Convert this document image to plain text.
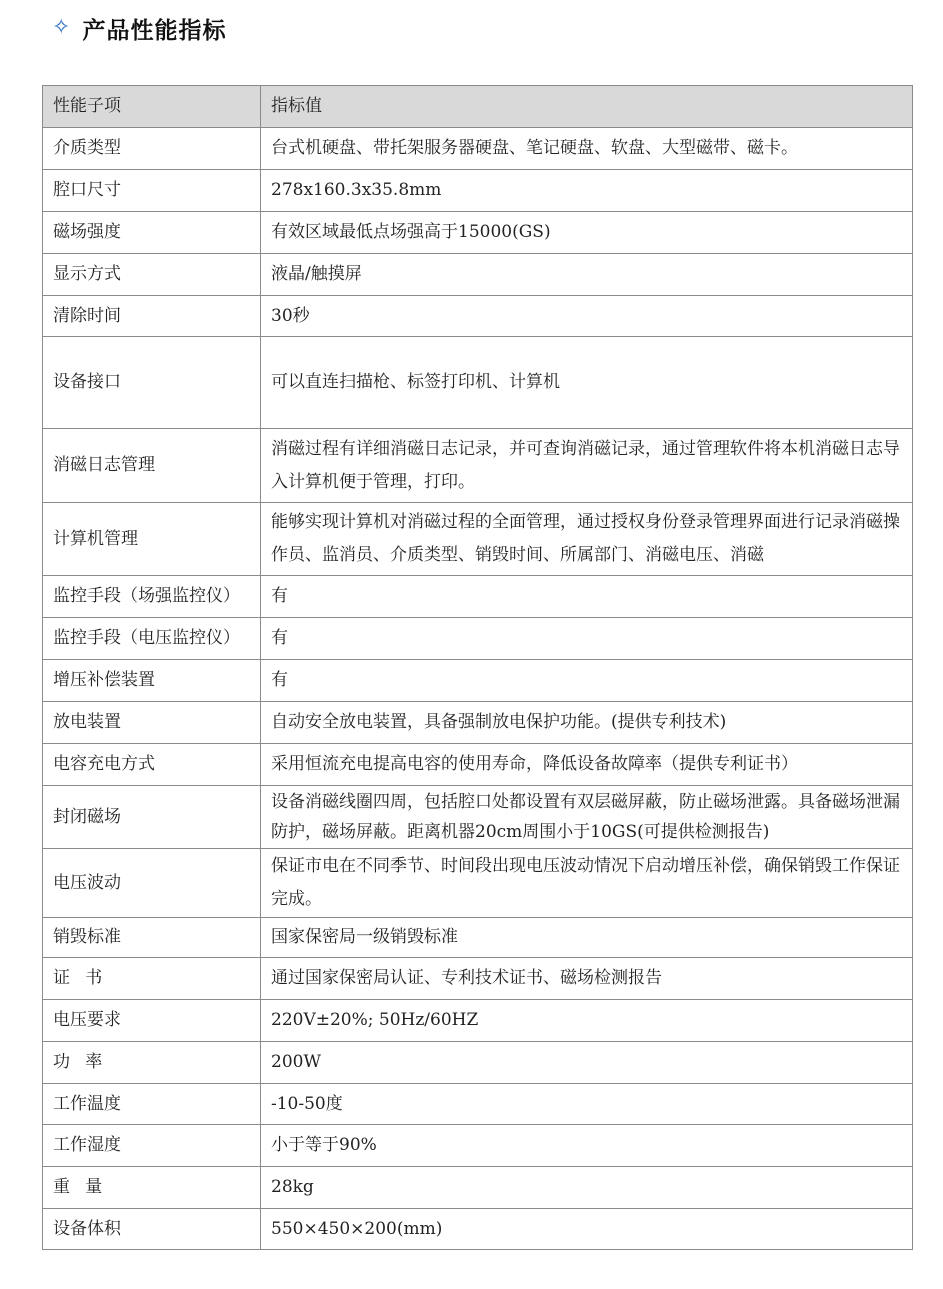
✧ 产品性能指标
性能子项	指标值
介质类型	台式机硬盘、带托架服务器硬盘、笔记硬盘、软盘、大型磁带、磁卡。
腔口尺寸	278x160.3x35.8mm
磁场强度	有效区域最低点场强高于15000(GS)
显示方式	液晶/触摸屏
清除时间	30秒
设备接口	可以直连扫描枪、标签打印机、计算机
消磁日志管理	消磁过程有详细消磁日志记录，并可查询消磁记录，通过管理软件将本机消磁日志导入计算机便于管理，打印。
计算机管理	能够实现计算机对消磁过程的全面管理，通过授权身份登录管理界面进行记录消磁操作员、监消员、介质类型、销毁时间、所属部门、消磁电压、消磁

监控手段（场强监控仪）	有
监控手段（电压监控仪）	有
增压补偿装置	有
放电装置	自动安全放电装置，具备强制放电保护功能。(提供专利技术)
电容充电方式	采用恒流充电提高电容的使用寿命，降低设备故障率（提供专利证书）
封闭磁场	设备消磁线圈四周，包括腔口处都设置有双层磁屏蔽，防止磁场泄露。具备磁场泄漏防护，磁场屏蔽。距离机器20cm周围小于10GS(可提供检测报告)
电压波动	保证市电在不同季节、时间段出现电压波动情况下启动增压补偿，确保销毁工作保证完成。
销毁标准	国家保密局一级销毁标准
证书	通过国家保密局认证、专利技术证书、磁场检测报告
电压要求	220V±20%; 50Hz/60HZ
功率	200W
工作温度	-10-50度
工作湿度	小于等于90%
重量	28kg
设备体积	550×450×200(mm)
